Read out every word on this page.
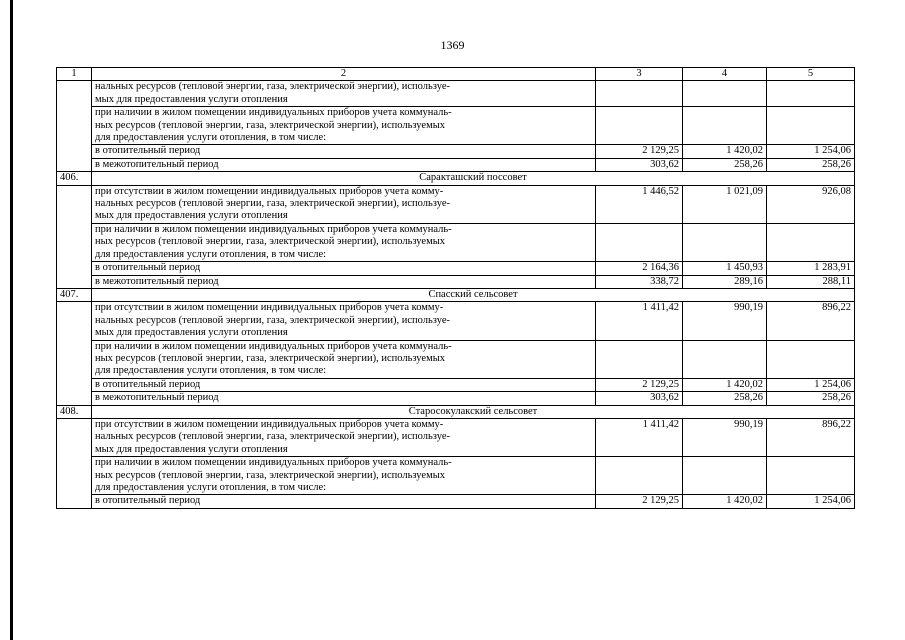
1369
1	2	3	4	5

	нальных ресурсов (тепловой энергии, газа, электрической энергии), используе-
мых для предоставления услуги отопления			

	при наличии в жилом помещении индивидуальных приборов учета коммуналь-
ных ресурсов (тепловой энергии, газа, электрической энергии), используемых
для предоставления услуги отопления, в том числе:			

	в отопительный период	2 129,25	1 420,02	1 254,06
	в межотопительный период	303,62	258,26	258,26
406.	Саракташский поссовет			

	при отсутствии в жилом помещении индивидуальных приборов учета комму-
нальных ресурсов (тепловой энергии, газа, электрической энергии), используе-
мых для предоставления услуги отопления	1 446,52	1 021,09	926,08

	при наличии в жилом помещении индивидуальных приборов учета коммуналь-
ных ресурсов (тепловой энергии, газа, электрической энергии), используемых
для предоставления услуги отопления, в том числе:			

	в отопительный период	2 164,36	1 450,93	1 283,91
	в межотопительный период	338,72	289,16	288,11
407.	Спасский сельсовет			

	при отсутствии в жилом помещении индивидуальных приборов учета комму-
нальных ресурсов (тепловой энергии, газа, электрической энергии), используе-
мых для предоставления услуги отопления	1 411,42	990,19	896,22

	при наличии в жилом помещении индивидуальных приборов учета коммуналь-
ных ресурсов (тепловой энергии, газа, электрической энергии), используемых
для предоставления услуги отопления, в том числе:			

	в отопительный период	2 129,25	1 420,02	1 254,06
	в межотопительный период	303,62	258,26	258,26
408.	Старосокулакский сельсовет			

	при отсутствии в жилом помещении индивидуальных приборов учета комму-
нальных ресурсов (тепловой энергии, газа, электрической энергии), используе-
мых для предоставления услуги отопления	1 411,42	990,19	896,22

	при наличии в жилом помещении индивидуальных приборов учета коммуналь-
ных ресурсов (тепловой энергии, газа, электрической энергии), используемых
для предоставления услуги отопления, в том числе:			

	в отопительный период	2 129,25	1 420,02	1 254,06
